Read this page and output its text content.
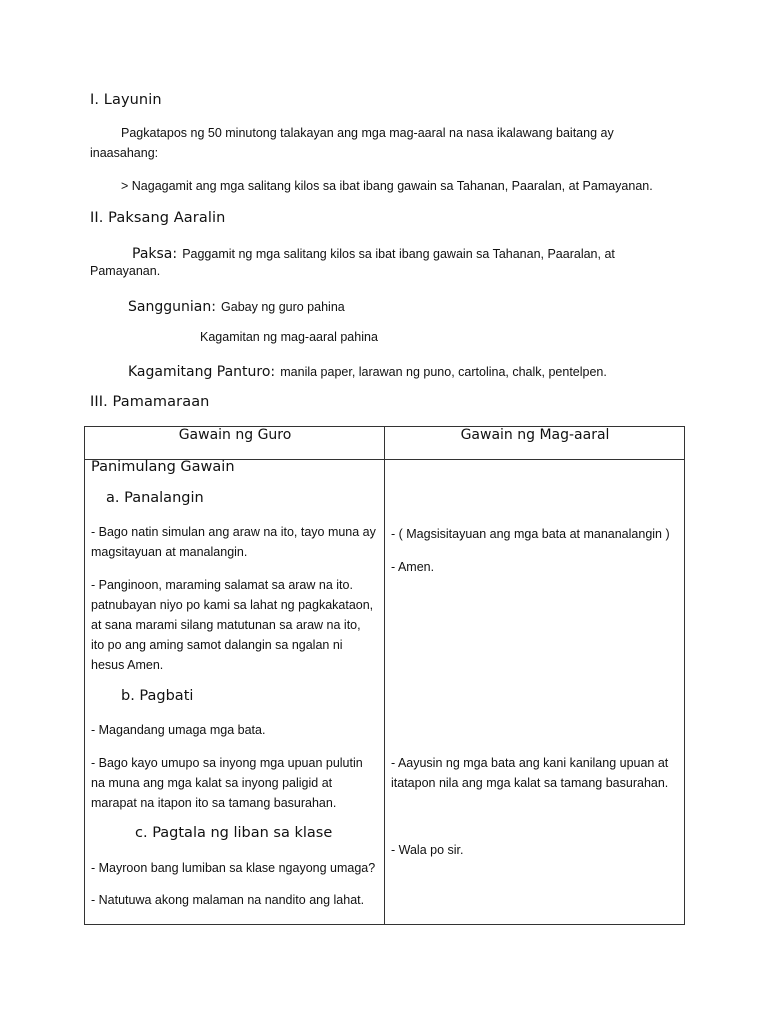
I. Layunin
Pagkatapos ng 50 minutong talakayan ang mga mag-aaral na nasa ikalawang baitang ay
inaasahang:
> Nagagamit ang mga salitang kilos sa ibat ibang gawain sa Tahanan, Paaralan, at Pamayanan.
II. Paksang Aaralin
Paksa: Paggamit ng mga salitang kilos sa ibat ibang gawain sa Tahanan, Paaralan, at
Pamayanan.
Sanggunian: Gabay ng guro pahina
Kagamitan ng mag-aaral pahina
Kagamitang Panturo: manila paper, larawan ng puno, cartolina, chalk, pentelpen.
III. Pamamaraan
Gawain ng Guro	Gawain ng Mag-aaral
Panimulang Gawain
a. Panalangin
- Bago natin simulan ang araw na ito, tayo muna ay
magsitayuan at manalangin.
- Panginoon, maraming salamat sa araw na ito.
patnubayan niyo po kami sa lahat ng pagkakataon,
at sana marami silang matutunan sa araw na ito,
ito po ang aming samot dalangin sa ngalan ni
hesus Amen.
b. Pagbati
- Magandang umaga mga bata.
- Bago kayo umupo sa inyong mga upuan pulutin
na muna ang mga kalat sa inyong paligid at
marapat na itapon ito sa tamang basurahan.
c. Pagtala ng liban sa klase
- Mayroon bang lumiban sa klase ngayong umaga?
- Natutuwa akong malaman na nandito ang lahat.
- ( Magsisitayuan ang mga bata at mananalangin )
- Amen.
- Aayusin ng mga bata ang kani kanilang upuan at
itatapon nila ang mga kalat sa tamang basurahan.
- Wala po sir.
